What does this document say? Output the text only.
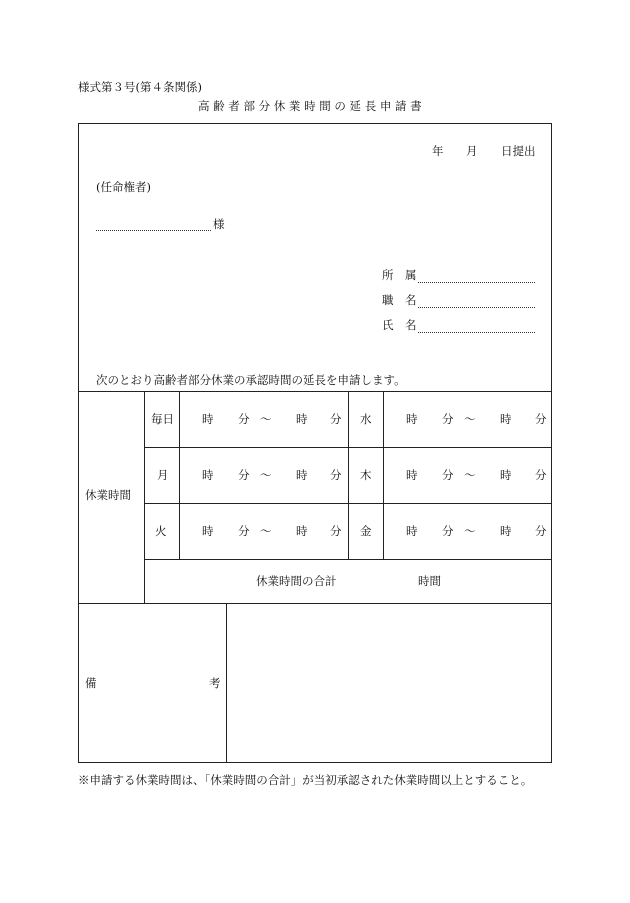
様式第３号(第４条関係)
高 齢 者 部 分 休 業 時 間 の 延 長 申 請 書
年 月 日提出
(任命権者)
様
所　属
職　名
氏　名
次のとおり高齢者部分休業の承認時間の延長を申請します。
休業時間
毎日 時 分 ～ 時 分 水	時 分 ～ 時 分
月	時 分 ～ 時 分 木	時 分 ～ 時 分
火	時 分 ～ 時 分 金	時 分 ～ 時 分
休業時間の合計	時間
備	考
※申請する休業時間は、「休業時間の合計」が当初承認された休業時間以上とすること。
